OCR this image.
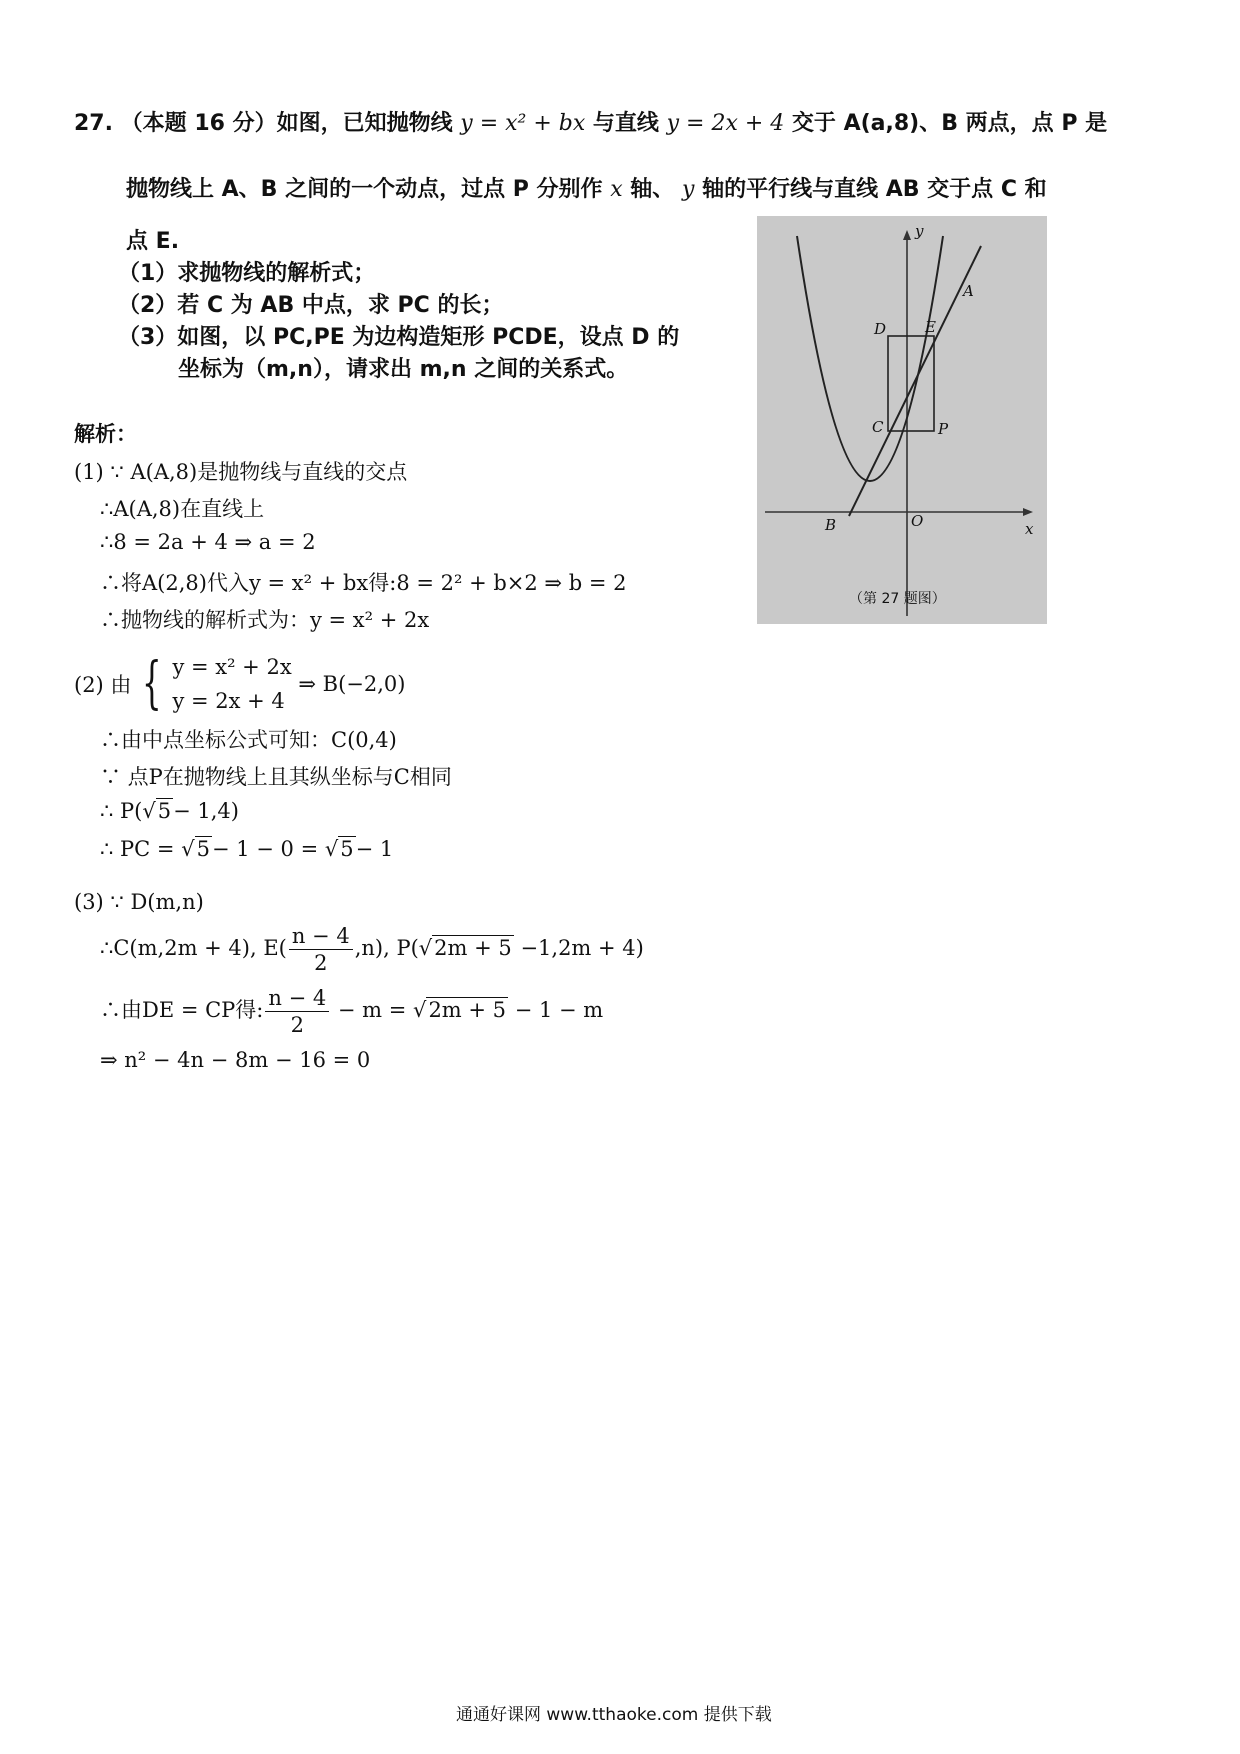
27. （本题 16 分）如图，已知抛物线 y = x² + bx 与直线 y = 2x + 4 交于 A(a,8)、B 两点，点 P 是
抛物线上 A、B 之间的一个动点，过点 P 分别作 x 轴、 y 轴的平行线与直线 AB 交于点 C 和
点 E.
（1）求抛物线的解析式；
（2）若 C 为 AB 中点，求 PC 的长；
（3）如图，以 PC,PE 为边构造矩形 PCDE，设点 D 的
坐标为（m,n），请求出 m,n 之间的关系式。
解析：
(1) ∵ A(A,8)是抛物线与直线的交点
∴A(A,8)在直线上
∴8 = 2a + 4 ⇒ a = 2
∴将A(2,8)代入y = x² + bx得:8 = 2² + b×2 ⇒ b = 2
∴抛物线的解析式为：y = x² + 2x
(2) 由 { y = x² + 2x
y = 2x + 4
⇒ B(−2,0)
∴由中点坐标公式可知：C(0,4)
∵ 点P在抛物线上且其纵坐标与C相同
∴ P(√5− 1,4)
∴ PC = √5− 1 − 0 = √5− 1
(3) ∵ D(m,n)
∴C(m,2m + 4), $E( \frac{n - 4}{2} ,n)$, P(√2m + 5 −1,2m + 4)
∴由DE = CP得: $\frac{n - 4}{2} - m = √2m + 5 - 1 - m$
⇒ n² − 4n − 8m − 16 = 0
y
x
A
B
C
D	E
P
O
（第 27 题图）
通通好课网 www.tthaoke.com 提供下载
